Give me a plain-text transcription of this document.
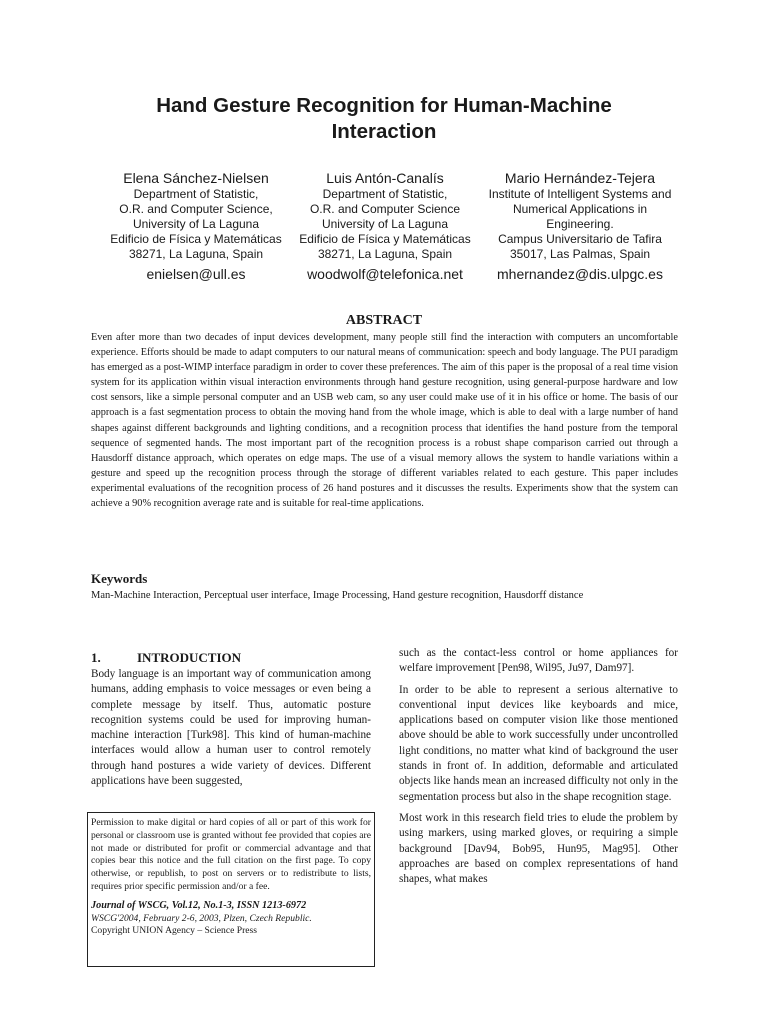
Hand Gesture Recognition for Human-Machine
Interaction
Elena Sánchez-Nielsen
Department of Statistic,
O.R. and Computer Science,
University of La Laguna
Edificio de Física y Matemáticas
38271, La Laguna, Spain
enielsen@ull.es
Luis Antón-Canalís
Department of Statistic,
O.R. and Computer Science
University of La Laguna
Edificio de Física y Matemáticas
38271, La Laguna, Spain
woodwolf@telefonica.net
Mario Hernández-Tejera
Institute of Intelligent Systems and
Numerical Applications in
Engineering.
Campus Universitario de Tafira
35017, Las Palmas, Spain
mhernandez@dis.ulpgc.es
ABSTRACT

Even after more than two decades of input devices development, many people still find the interaction with computers an uncomfortable experience. Efforts should be made to adapt computers to our natural means of communication: speech and body language. The PUI paradigm has emerged as a post-WIMP interface paradigm in order to cover these preferences. The aim of this paper is the proposal of a real time vision system for its application within visual interaction environments through hand gesture recognition, using general-purpose hardware and low cost sensors, like a simple personal computer and an USB web cam, so any user could make use of it in his office or home. The basis of our approach is a fast segmentation process to obtain the moving hand from the whole image, which is able to deal with a large number of hand shapes against different backgrounds and lighting conditions, and a recognition process that identifies the hand posture from the temporal sequence of segmented hands. The most important part of the recognition process is a robust shape comparison carried out through a Hausdorff distance approach, which operates on edge maps. The use of a visual memory allows the system to handle variations within a gesture and speed up the recognition process through the storage of different variables related to each gesture. This paper includes experimental evaluations of the recognition process of 26 hand postures and it discusses the results. Experiments show that the system can achieve a 90% recognition average rate and is suitable for real-time applications.

Keywords

Man-Machine Interaction, Perceptual user interface, Image Processing, Hand gesture recognition, Hausdorff distance

1.	INTRODUCTION

Body language is an important way of communication among humans, adding emphasis to voice messages or even being a complete message by itself. Thus, automatic posture recognition systems could be used for improving human-machine interaction [Turk98]. This kind of human-machine interfaces would allow a human user to control remotely through hand postures a wide variety of devices. Different applications have been suggested,

such as the contact-less control or home appliances for welfare improvement [Pen98, Wil95, Ju97, Dam97].

In order to be able to represent a serious alternative to conventional input devices like keyboards and mice, applications based on computer vision like those mentioned above should be able to work successfully under uncontrolled light conditions, no matter what kind of background the user stands in front of. In addition, deformable and articulated objects like hands mean an increased difficulty not only in the segmentation process but also in the shape recognition stage.

Most work in this research field tries to elude the problem by using markers, using marked gloves, or requiring a simple background [Dav94, Bob95, Hun95, Mag95]. Other approaches are based on complex representations of hand shapes, what makes

Permission to make digital or hard copies of all or part of this work for personal or classroom use is granted without fee provided that copies are not made or distributed for profit or commercial advantage and that copies bear this notice and the full citation on the first page. To copy otherwise, or republish, to post on servers or to redistribute to lists, requires prior specific permission and/or a fee.

Journal of WSCG, Vol.12, No.1-3, ISSN 1213-6972
WSCG'2004, February 2-6, 2003, Plzen, Czech Republic.
Copyright UNION Agency – Science Press
